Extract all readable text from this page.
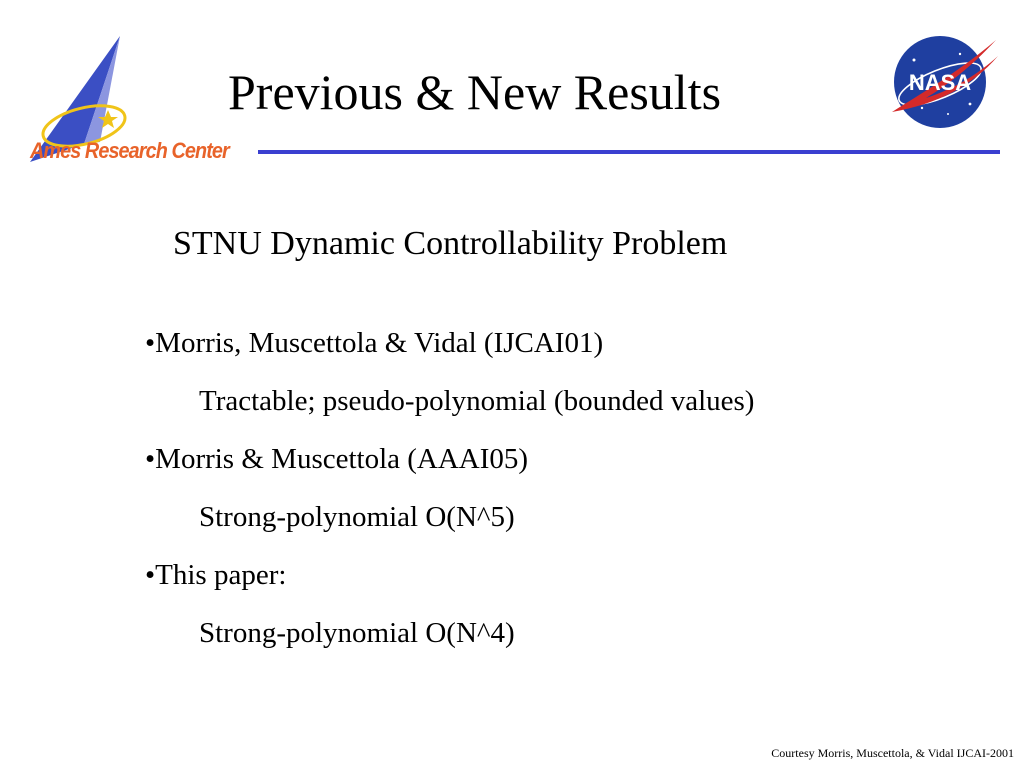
Ames Research Center
Previous & New Results	NASA
STNU Dynamic Controllability Problem
•Morris, Muscettola & Vidal (IJCAI01)
Tractable; pseudo-polynomial (bounded values)
•Morris & Muscettola (AAAI05)
Strong-polynomial O(N^5)
•This paper:
Strong-polynomial O(N^4)
Courtesy Morris, Muscettola, & Vidal IJCAI-2001
